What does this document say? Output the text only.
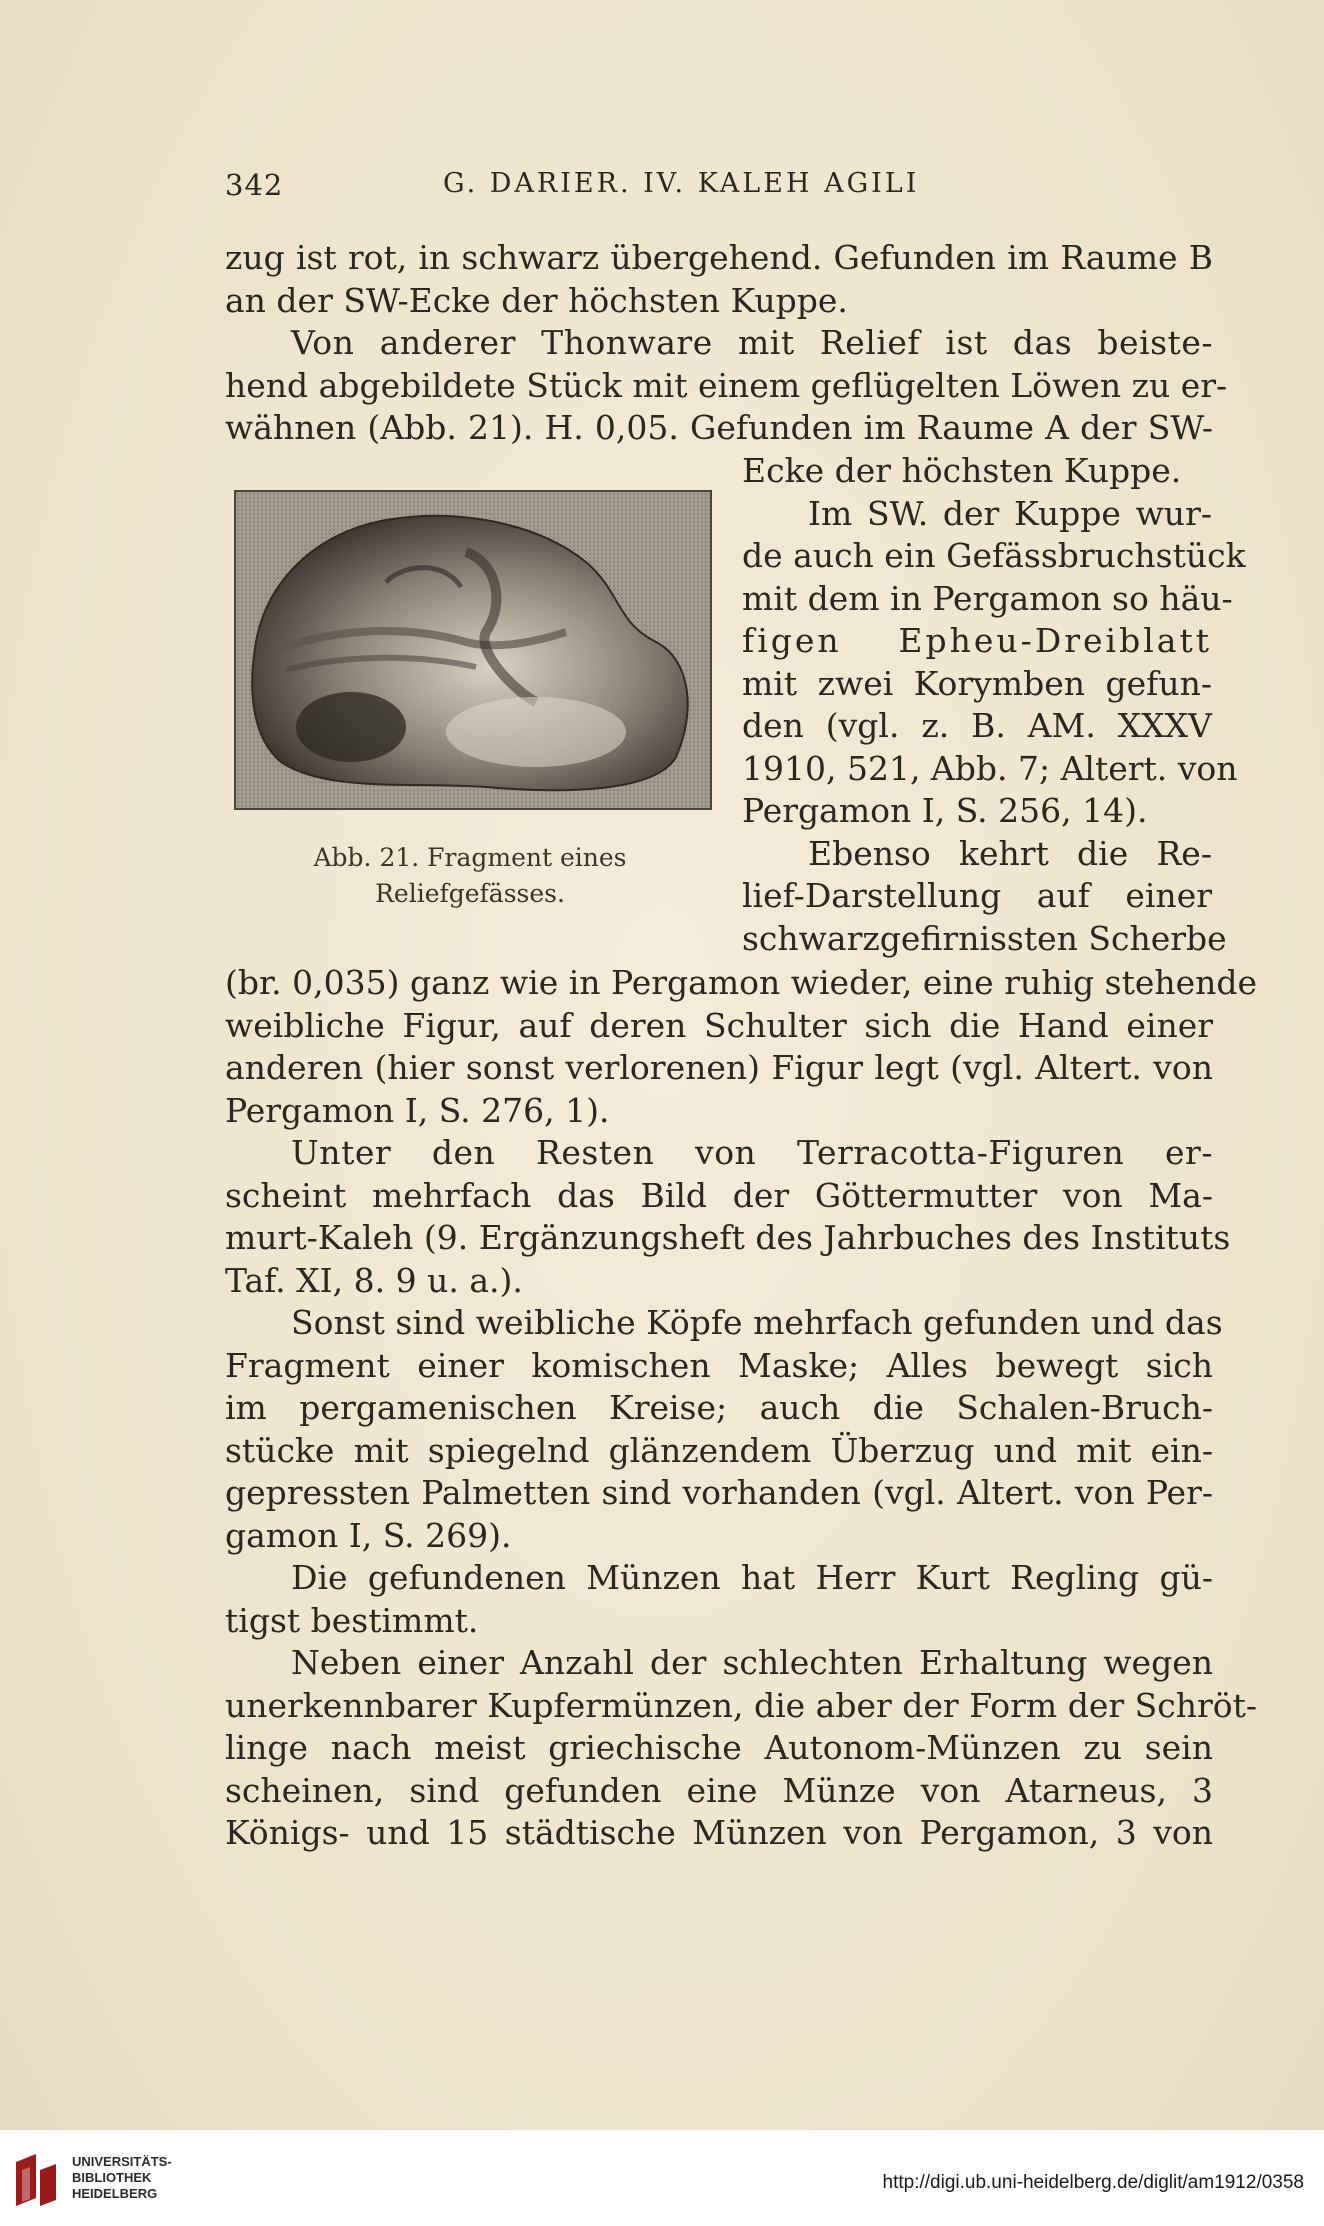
342	G. DARIER. IV. KALEH AGILI
zug ist rot, in schwarz übergehend. Gefunden im Raume B
an der SW-Ecke der höchsten Kuppe.
Von anderer Thonware mit Relief ist das beiste-
hend abgebildete Stück mit einem geflügelten Löwen zu er-
wähnen (Abb. 21). H. 0,05. Gefunden im Raume A der SW-
Ecke der höchsten Kuppe.
Im SW. der Kuppe wur-
de auch ein Gefässbruchstück
mit dem in Pergamon so häu-
figen Epheu-Dreiblatt
mit zwei Korymben gefun-
den (vgl. z. B. AM. XXXV
1910, 521, Abb. 7; Altert. von
Pergamon I, S. 256, 14).
Ebenso kehrt die Re-
lief-Darstellung auf einer
schwarzgefirnissten Scherbe
Abb. 21. Fragment eines
Reliefgefässes.
(br. 0,035) ganz wie in Pergamon wieder, eine ruhig stehende
weibliche Figur, auf deren Schulter sich die Hand einer
anderen (hier sonst verlorenen) Figur legt (vgl. Altert. von
Pergamon I, S. 276, 1).
Unter den Resten von Terracotta-Figuren er-
scheint mehrfach das Bild der Göttermutter von Ma-
murt-Kaleh (9. Ergänzungsheft des Jahrbuches des Instituts
Taf. XI, 8. 9 u. a.).
Sonst sind weibliche Köpfe mehrfach gefunden und das
Fragment einer komischen Maske; Alles bewegt sich
im pergamenischen Kreise; auch die Schalen-Bruch-
stücke mit spiegelnd glänzendem Überzug und mit ein-
gepressten Palmetten sind vorhanden (vgl. Altert. von Per-
gamon I, S. 269).
Die gefundenen Münzen hat Herr Kurt Regling gü-
tigst bestimmt.
Neben einer Anzahl der schlechten Erhaltung wegen
unerkennbarer Kupfermünzen, die aber der Form der Schröt-
linge nach meist griechische Autonom-Münzen zu sein
scheinen, sind gefunden eine Münze von Atarneus, 3
Königs- und 15 städtische Münzen von Pergamon, 3 von
UNIVERSITÄTS-
BIBLIOTHEK
HEIDELBERG
http://digi.ub.uni-heidelberg.de/diglit/am1912/0358
